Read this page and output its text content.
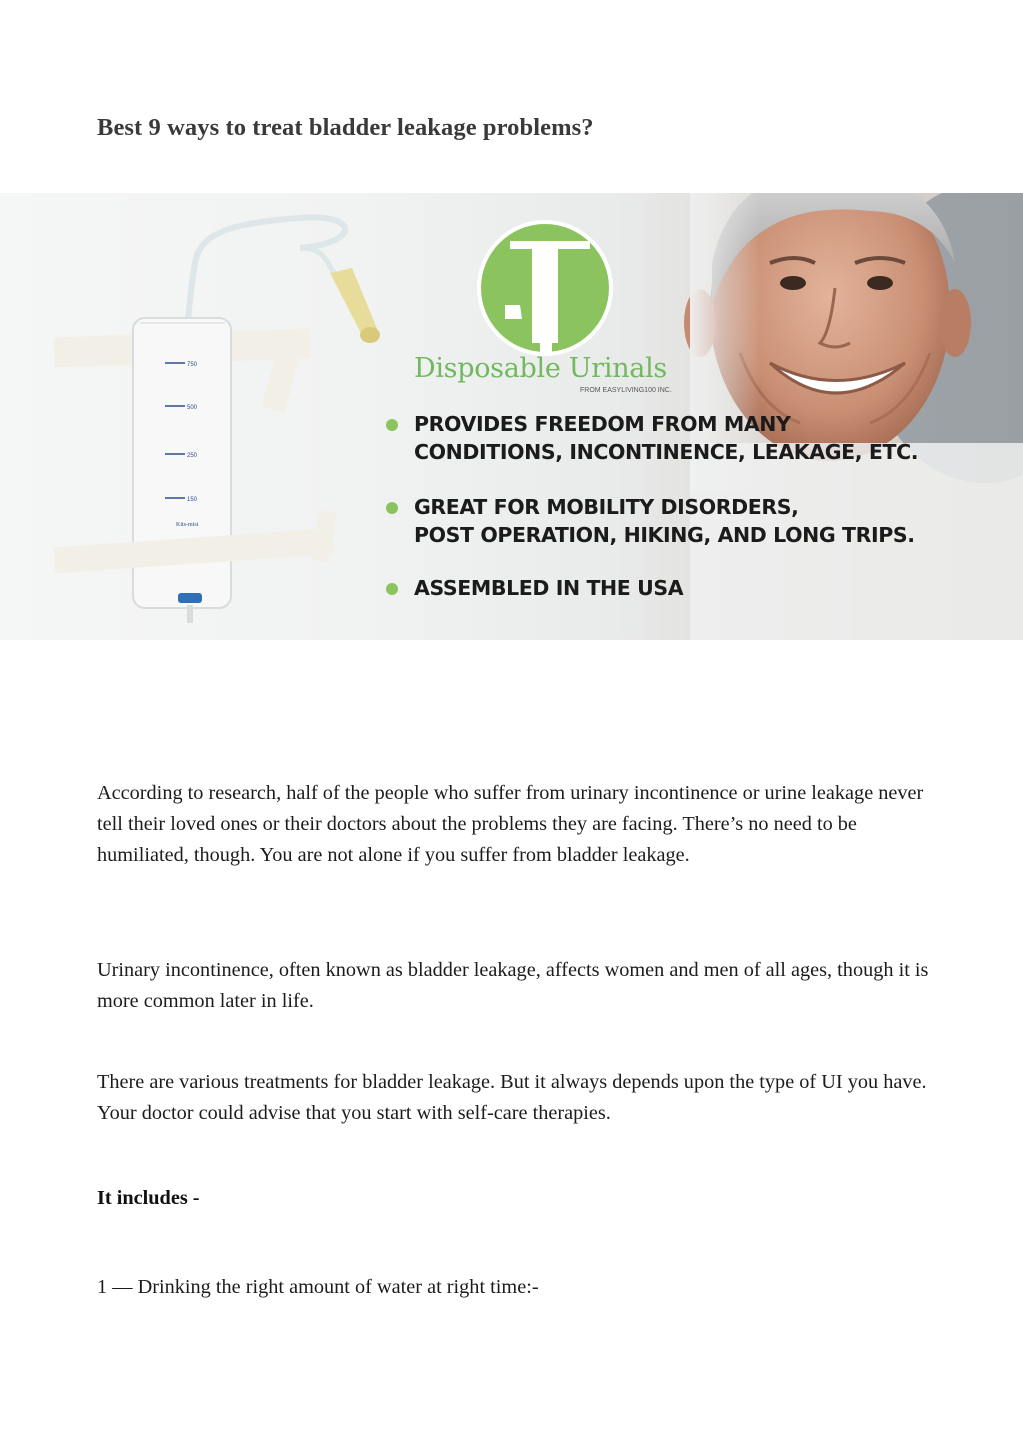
Best 9 ways to treat bladder leakage problems?
750
500
250
150
Kits-mist
Disposable Urinals
FROM EASYLIVING100 INC.
PROVIDES FREEDOM FROM MANY
CONDITIONS, INCONTINENCE, LEAKAGE, ETC.
GREAT FOR MOBILITY DISORDERS,
POST OPERATION, HIKING, AND LONG TRIPS.
ASSEMBLED IN THE USA

According to research, half of the people who suffer from urinary incontinence or urine leakage never tell their loved ones or their doctors about the problems they are facing. There’s no need to be humiliated, though. You are not alone if you suffer from bladder leakage.

Urinary incontinence, often known as bladder leakage, affects women and men of all ages, though it is more common later in life.

There are various treatments for bladder leakage. But it always depends upon the type of UI you have. Your doctor could advise that you start with self-care therapies.

It includes -

1 — Drinking the right amount of water at right time:-
